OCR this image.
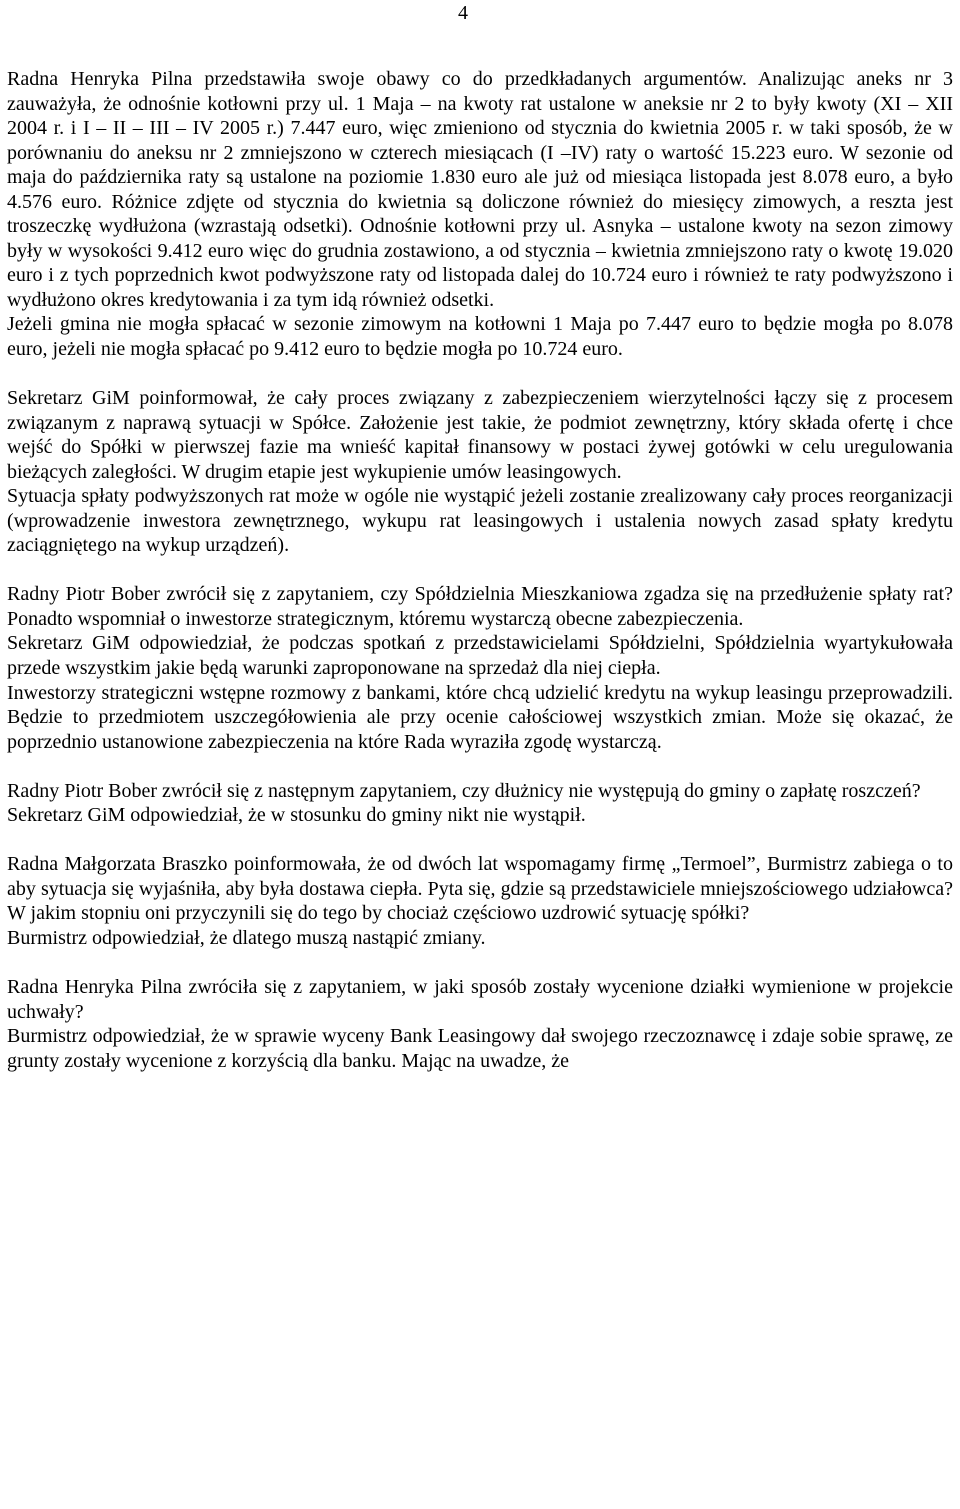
4

Radna Henryka Pilna przedstawiła swoje obawy co do przedkładanych argumentów. Analizując aneks nr 3 zauważyła, że odnośnie kotłowni przy ul. 1 Maja – na kwoty rat ustalone w aneksie nr 2 to były kwoty (XI – XII 2004 r. i I – II – III – IV 2005 r.) 7.447 euro, więc zmieniono od stycznia do kwietnia 2005 r. w taki sposób, że w porównaniu do aneksu nr 2 zmniejszono w czterech miesiącach (I –IV) raty o wartość 15.223 euro. W sezonie od maja do października raty są ustalone na poziomie 1.830 euro ale już od miesiąca listopada jest 8.078 euro, a było 4.576 euro. Różnice zdjęte od stycznia do kwietnia są doliczone również do miesięcy zimowych, a reszta jest troszeczkę wydłużona (wzrastają odsetki). Odnośnie kotłowni przy ul. Asnyka – ustalone kwoty na sezon zimowy były w wysokości 9.412 euro więc do grudnia zostawiono, a od stycznia – kwietnia zmniejszono raty o kwotę 19.020 euro i z tych poprzednich kwot podwyższone raty od listopada dalej do 10.724 euro i również te raty podwyższono i wydłużono okres kredytowania i za tym idą również odsetki.

Jeżeli gmina nie mogła spłacać w sezonie zimowym na kotłowni 1 Maja po 7.447 euro to będzie mogła po 8.078 euro, jeżeli nie mogła spłacać po 9.412 euro to będzie mogła po 10.724 euro.

Sekretarz GiM poinformował, że cały proces związany z zabezpieczeniem wierzytelności łączy się z procesem związanym z naprawą sytuacji w Spółce. Założenie jest takie, że podmiot zewnętrzny, który składa ofertę i chce wejść do Spółki w pierwszej fazie ma wnieść kapitał finansowy w postaci żywej gotówki w celu uregulowania bieżących zaległości. W drugim etapie jest wykupienie umów leasingowych.

Sytuacja spłaty podwyższonych rat może w ogóle nie wystąpić jeżeli zostanie zrealizowany cały proces reorganizacji (wprowadzenie inwestora zewnętrznego, wykupu rat leasingowych i ustalenia nowych zasad spłaty kredytu zaciągniętego na wykup urządzeń).

Radny Piotr Bober zwrócił się z zapytaniem, czy Spółdzielnia Mieszkaniowa zgadza się na przedłużenie spłaty rat? Ponadto wspomniał o inwestorze strategicznym, któremu wystarczą obecne zabezpieczenia.

Sekretarz GiM odpowiedział, że podczas spotkań z przedstawicielami Spółdzielni, Spółdzielnia wyartykułowała przede wszystkim jakie będą warunki zaproponowane na sprzedaż dla niej ciepła.

Inwestorzy strategiczni wstępne rozmowy z bankami, które chcą udzielić kredytu na wykup leasingu przeprowadzili. Będzie to przedmiotem uszczegółowienia ale przy ocenie całościowej wszystkich zmian. Może się okazać, że poprzednio ustanowione zabezpieczenia na które Rada wyraziła zgodę wystarczą.

Radny Piotr Bober zwrócił się z następnym zapytaniem, czy dłużnicy nie występują do gminy o zapłatę roszczeń?

Sekretarz GiM odpowiedział, że w stosunku do gminy nikt nie wystąpił.

Radna Małgorzata Braszko poinformowała, że od dwóch lat wspomagamy firmę „Termoel”, Burmistrz zabiega o to aby sytuacja się wyjaśniła, aby była dostawa ciepła. Pyta się, gdzie są przedstawiciele mniejszościowego udziałowca? W jakim stopniu oni przyczynili się do tego by chociaż częściowo uzdrowić sytuację spółki?

Burmistrz odpowiedział, że dlatego muszą nastąpić zmiany.

Radna Henryka Pilna zwróciła się z zapytaniem, w jaki sposób zostały wycenione działki wymienione w projekcie uchwały?

Burmistrz odpowiedział, że w sprawie wyceny Bank Leasingowy dał swojego rzeczoznawcę i zdaje sobie sprawę, ze grunty zostały wycenione z korzyścią dla banku. Mając na uwadze, że
